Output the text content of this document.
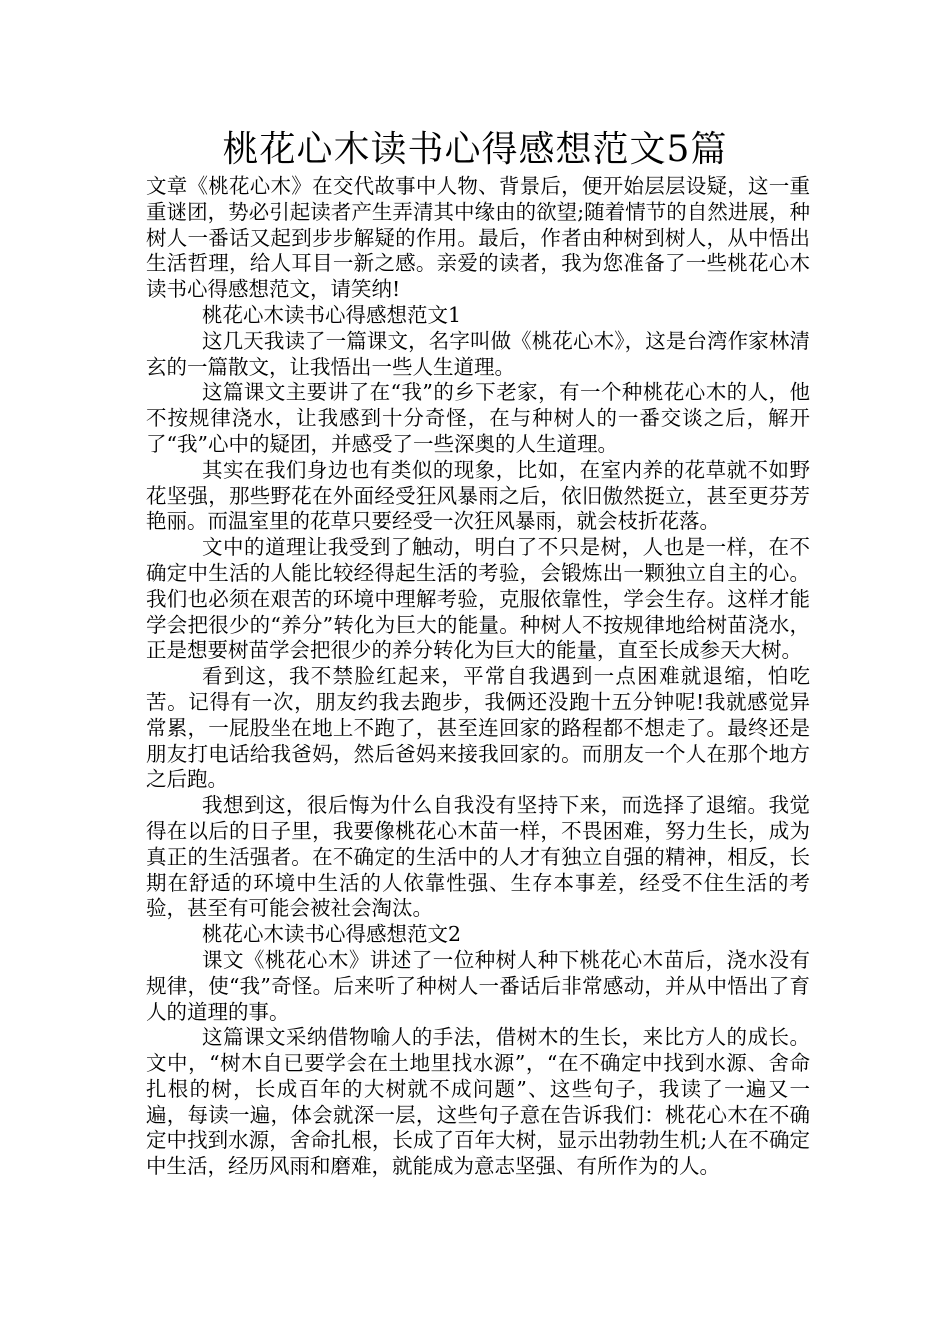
桃花心木读书心得感想范文5篇

文章《桃花心木》在交代故事中人物、背景后，便开始层层设疑，这一重重谜团，势必引起读者产生弄清其中缘由的欲望;随着情节的自然进展，种树人一番话又起到步步解疑的作用。最后，作者由种树到树人，从中悟出生活哲理，给人耳目一新之感。亲爱的读者，我为您准备了一些桃花心木读书心得感想范文，请笑纳!

桃花心木读书心得感想范文1

这几天我读了一篇课文，名字叫做《桃花心木》，这是台湾作家林清玄的一篇散文，让我悟出一些人生道理。

这篇课文主要讲了在“我”的乡下老家，有一个种桃花心木的人，他不按规律浇水，让我感到十分奇怪，在与种树人的一番交谈之后，解开了“我”心中的疑团，并感受了一些深奥的人生道理。

其实在我们身边也有类似的现象，比如，在室内养的花草就不如野花坚强，那些野花在外面经受狂风暴雨之后，依旧傲然挺立，甚至更芬芳艳丽。而温室里的花草只要经受一次狂风暴雨，就会枝折花落。

文中的道理让我受到了触动，明白了不只是树，人也是一样，在不确定中生活的人能比较经得起生活的考验，会锻炼出一颗独立自主的心。我们也必须在艰苦的环境中理解考验，克服依靠性，学会生存。这样才能学会把很少的“养分”转化为巨大的能量。种树人不按规律地给树苗浇水，正是想要树苗学会把很少的养分转化为巨大的能量，直至长成参天大树。

看到这，我不禁脸红起来，平常自我遇到一点困难就退缩，怕吃苦。记得有一次，朋友约我去跑步，我俩还没跑十五分钟呢!我就感觉异常累，一屁股坐在地上不跑了，甚至连回家的路程都不想走了。最终还是朋友打电话给我爸妈，然后爸妈来接我回家的。而朋友一个人在那个地方之后跑。

我想到这，很后悔为什么自我没有坚持下来，而选择了退缩。我觉得在以后的日子里，我要像桃花心木苗一样，不畏困难，努力生长，成为真正的生活强者。在不确定的生活中的人才有独立自强的精神，相反，长期在舒适的环境中生活的人依靠性强、生存本事差，经受不住生活的考验，甚至有可能会被社会淘汰。

桃花心木读书心得感想范文2

课文《桃花心木》讲述了一位种树人种下桃花心木苗后，浇水没有规律，使“我”奇怪。后来听了种树人一番话后非常感动，并从中悟出了育人的道理的事。

这篇课文采纳借物喻人的手法，借树木的生长，来比方人的成长。文中，“树木自已要学会在土地里找水源”，“在不确定中找到水源、舍命扎根的树，长成百年的大树就不成问题”、这些句子，我读了一遍又一遍，每读一遍，体会就深一层，这些句子意在告诉我们：桃花心木在不确定中找到水源，舍命扎根，长成了百年大树，显示出勃勃生机;人在不确定中生活，经历风雨和磨难，就能成为意志坚强、有所作为的人。
